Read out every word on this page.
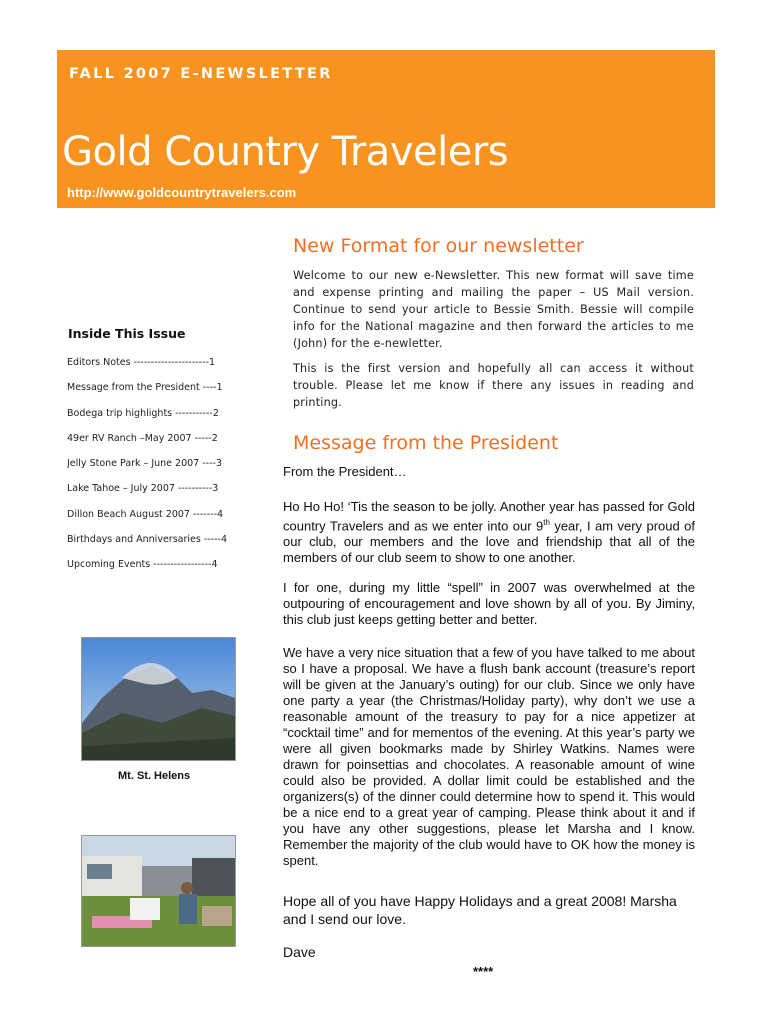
FALL 2007 E-NEWSLETTER
Gold Country Travelers
http://www.goldcountrytravelers.com
Inside This Issue
Editors Notes ----------------------1
Message from the President ----1
Bodega trip highlights -----------2
49er RV Ranch –May 2007 -----2
Jelly Stone Park – June 2007 ----3
Lake Tahoe – July 2007 ----------3
Dillon Beach August 2007 -------4
Birthdays and Anniversaries -----4
Upcoming Events -----------------4
Mt. St. Helens
New Format for our newsletter

Welcome to our new e-Newsletter. This new format will save time and expense printing and mailing the paper – US Mail version. Continue to send your article to Bessie Smith. Bessie will compile info for the National magazine and then forward the articles to me (John) for the e-newletter.

This is the first version and hopefully all can access it without trouble. Please let me know if there any issues in reading and printing.

Message from the President

From the President…

Ho Ho Ho! ‘Tis the season to be jolly. Another year has passed for Gold country Travelers and as we enter into our 9th year, I am very proud of our club, our members and the love and friendship that all of the members of our club seem to show to one another.

I for one, during my little “spell” in 2007 was overwhelmed at the outpouring of encouragement and love shown by all of you. By Jiminy, this club just keeps getting better and better.

We have a very nice situation that a few of you have talked to me about so I have a proposal. We have a flush bank account (treasure’s report will be given at the January’s outing) for our club. Since we only have one party a year (the Christmas/Holiday party), why don’t we use a reasonable amount of the treasury to pay for a nice appetizer at “cocktail time” and for mementos of the evening. At this year’s party we were all given bookmarks made by Shirley Watkins. Names were drawn for poinsettias and chocolates. A reasonable amount of wine could also be provided. A dollar limit could be established and the organizers(s) of the dinner could determine how to spend it. This would be a nice end to a great year of camping. Please think about it and if you have any other suggestions, please let Marsha and I know. Remember the majority of the club would have to OK how the money is spent.

Hope all of you have Happy Holidays and a great 2008! Marsha and I send our love.

Dave

****
